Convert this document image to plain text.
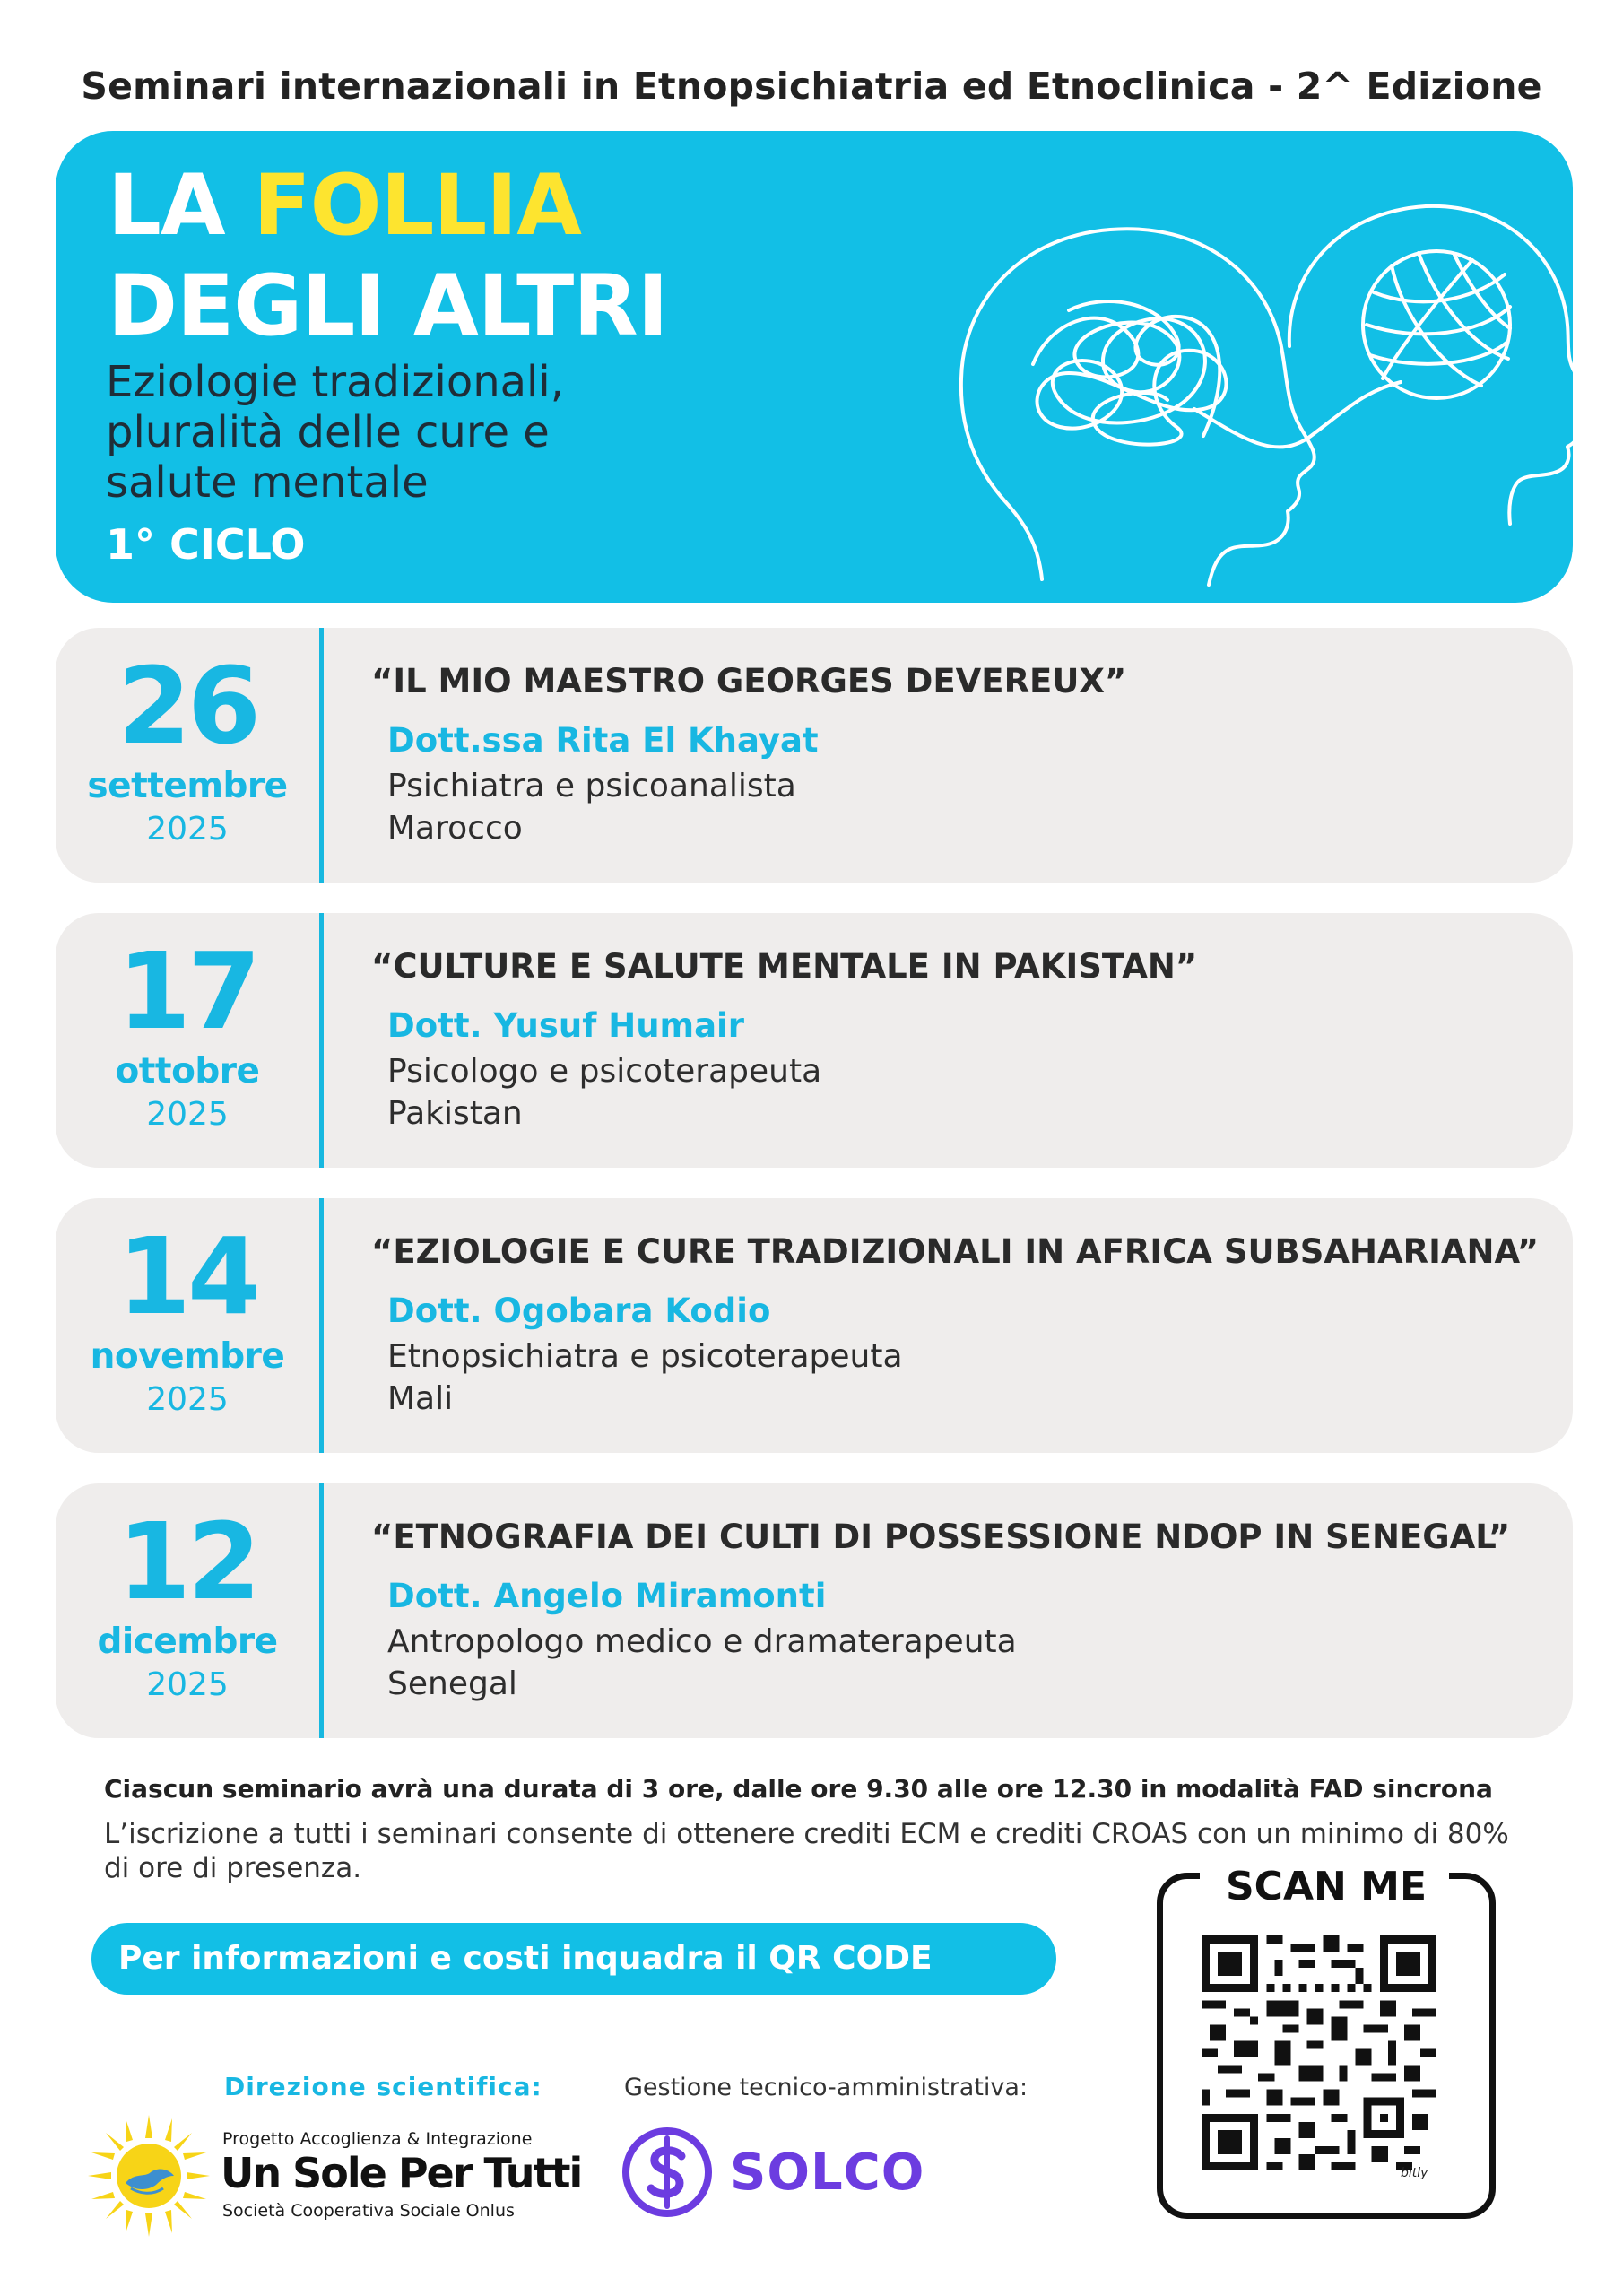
Seminari internazionali in Etnopsichiatria ed Etnoclinica - 2^ Edizione
LA FOLLIA
DEGLI ALTRI
Eziologie tradizionali, pluralità delle cure e salute mentale
1° CICLO
26
settembre
2025
“IL MIO MAESTRO GEORGES DEVEREUX”
Dott.ssa Rita El Khayat
Psichiatra e psicoanalista
Marocco
17
ottobre
2025
“CULTURE E SALUTE MENTALE IN PAKISTAN”
Dott. Yusuf Humair
Psicologo e psicoterapeuta
Pakistan
14
novembre
2025
“EZIOLOGIE E CURE TRADIZIONALI IN AFRICA SUBSAHARIANA”
Dott. Ogobara Kodio
Etnopsichiatra e psicoterapeuta
Mali
12
dicembre
2025
“ETNOGRAFIA DEI CULTI DI POSSESSIONE NDOP IN SENEGAL”
Dott. Angelo Miramonti
Antropologo medico e dramaterapeuta
Senegal
Ciascun seminario avrà una durata di 3 ore, dalle ore 9.30 alle ore 12.30 in modalità FAD sincrona
L’iscrizione a tutti i seminari consente di ottenere crediti ECM e crediti CROAS con un minimo di 80% di ore di presenza.
Per informazioni e costi inquadra il QR CODE
SCAN ME
bitly
Direzione scientifica:
Progetto Accoglienza & Integrazione
Un Sole Per Tutti
Società Cooperativa Sociale Onlus
Gestione tecnico-amministrativa:
SOLCO
